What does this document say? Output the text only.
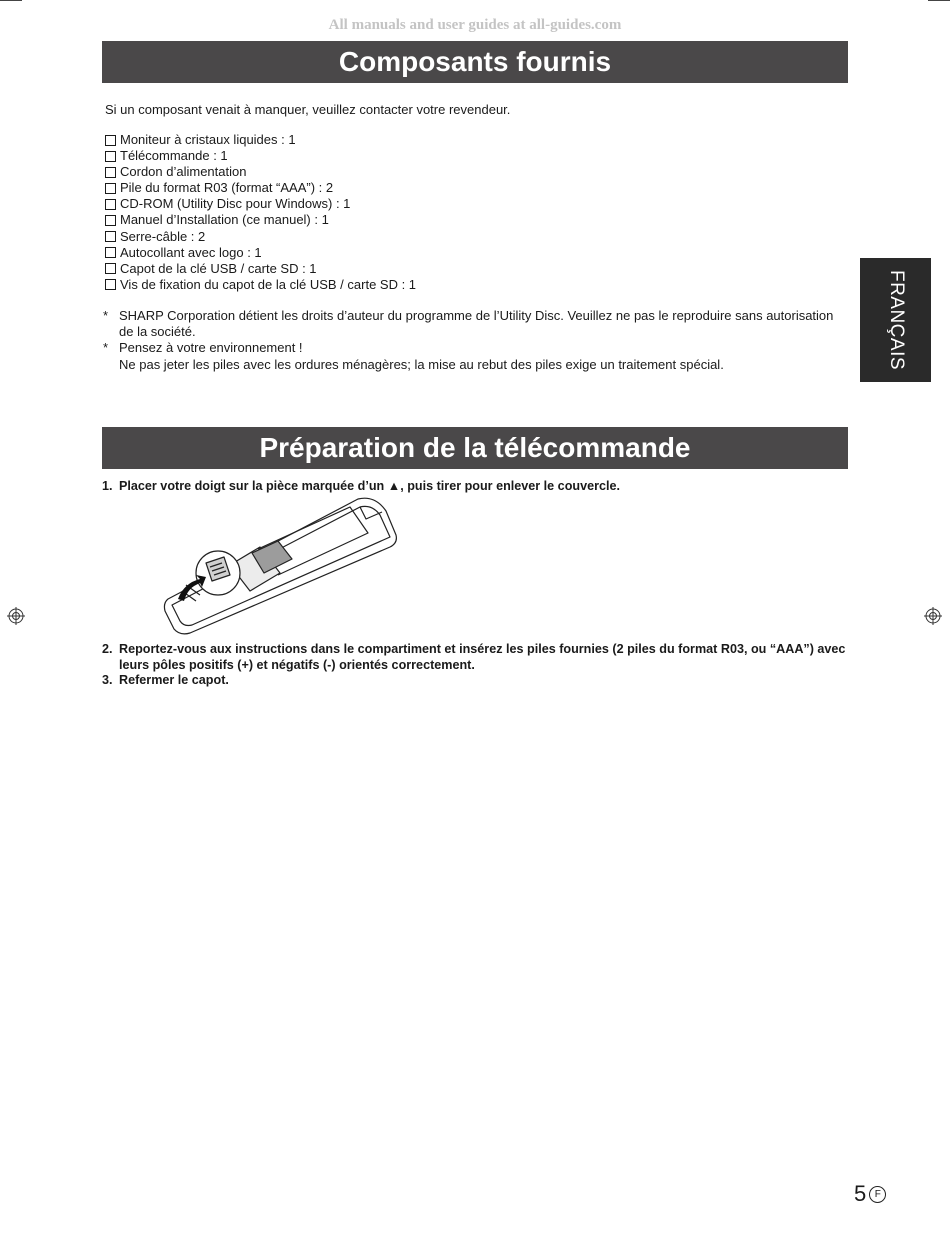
All manuals and user guides at all-guides.com
Composants fournis
Si un composant venait à manquer, veuillez contacter votre revendeur.
Moniteur à cristaux liquides : 1
Télécommande : 1
Cordon d’alimentation
Pile du format R03 (format “AAA”) : 2
CD-ROM (Utility Disc pour Windows) : 1
Manuel d’Installation (ce manuel) : 1
Serre-câble : 2
Autocollant avec logo : 1
Capot de la clé USB / carte SD : 1
Vis de fixation du capot de la clé USB / carte SD : 1
* SHARP Corporation détient les droits d’auteur du programme de l’Utility Disc. Veuillez ne pas le reproduire sans autorisation de la société.
* Pensez à votre environnement !
Ne pas jeter les piles avec les ordures ménagères; la mise au rebut des piles exige un traitement spécial.	FRANÇAIS
Préparation de la télécommande
1. Placer votre doigt sur la pièce marquée d’un ▲, puis tirer pour enlever le couvercle.
2. Reportez-vous aux instructions dans le compartiment et insérez les piles fournies (2 piles du format R03, ou “AAA”) avec leurs pôles positifs (+) et négatifs (-) orientés correctement.
3. Refermer le capot.
5 F
